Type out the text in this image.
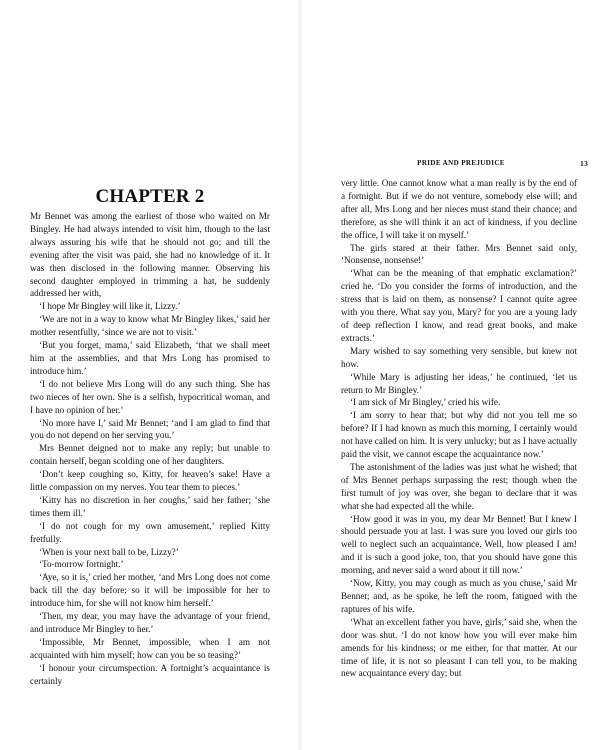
CHAPTER 2

Mr Bennet was among the earliest of those who waited on Mr Bingley. He had always intended to visit him, though to the last always assuring his wife that he should not go; and till the evening after the visit was paid, she had no knowledge of it. It was then disclosed in the following manner. Observing his second daughter employed in trimming a hat, he suddenly addressed her with,

‘I hope Mr Bingley will like it, Lizzy.’

‘We are not in a way to know what Mr Bingley likes,’ said her mother resentfully, ‘since we are not to visit.’

‘But you forget, mama,’ said Elizabeth, ‘that we shall meet him at the assemblies, and that Mrs Long has promised to introduce him.’

‘I do not believe Mrs Long will do any such thing. She has two nieces of her own. She is a selfish, hypocritical woman, and I have no opinion of her.’

‘No more have I,’ said Mr Bennet; ‘and I am glad to find that you do not depend on her serving you.’

Mrs Bennet deigned not to make any reply; but unable to contain herself, began scolding one of her daughters.

‘Don’t keep coughing so, Kitty, for heaven’s sake! Have a little compassion on my nerves. You tear them to pieces.’

‘Kitty has no discretion in her coughs,’ said her father; ‘she times them ill.’

‘I do not cough for my own amusement,’ replied Kitty fretfully.

‘When is your next ball to be, Lizzy?’

‘To-morrow fortnight.’

‘Aye, so it is,’ cried her mother, ‘and Mrs Long does not come back till the day before; so it will be impossible for her to introduce him, for she will not know him herself.’

‘Then, my dear, you may have the advantage of your friend, and introduce Mr Bingley to her.’

‘Impossible, Mr Bennet, impossible, when I am not acquainted with him myself; how can you be so teasing?’

‘I honour your circumspection. A fortnight’s acquaintance is certainly

PRIDE AND PREJUDICE	13

very little. One cannot know what a man really is by the end of a fortnight. But if we do not venture, somebody else will; and after all, Mrs Long and her nieces must stand their chance; and therefore, as she will think it an act of kindness, if you decline the office, I will take it on myself.’

The girls stared at their father. Mrs Bennet said only, ‘Nonsense, nonsense!’

‘What can be the meaning of that emphatic exclamation?’ cried he. ‘Do you consider the forms of introduction, and the stress that is laid on them, as nonsense? I cannot quite agree with you there. What say you, Mary? for you are a young lady of deep reflection I know, and read great books, and make extracts.’

Mary wished to say something very sensible, but knew not how.

‘While Mary is adjusting her ideas,’ he continued, ‘let us return to Mr Bingley.’

‘I am sick of Mr Bingley,’ cried his wife.

‘I am sorry to hear that; but why did not you tell me so before? If I had known as much this morning, I certainly would not have called on him. It is very unlucky; but as I have actually paid the visit, we cannot escape the acquaintance now.’

The astonishment of the ladies was just what he wished; that of Mrs Bennet perhaps surpassing the rest; though when the first tumult of joy was over, she began to declare that it was what she had expected all the while.

‘How good it was in you, my dear Mr Bennet! But I knew I should persuade you at last. I was sure you loved our girls too well to neglect such an acquaintance. Well, how pleased I am! and it is such a good joke, too, that you should have gone this morning, and never said a word about it till now.’

‘Now, Kitty, you may cough as much as you chuse,’ said Mr Bennet; and, as he spoke, he left the room, fatigued with the raptures of his wife.

‘What an excellent father you have, girls,’ said she, when the door was shut. ‘I do not know how you will ever make him amends for his kindness; or me either, for that matter. At our time of life, it is not so pleasant I can tell you, to be making new acquaintance every day; but
